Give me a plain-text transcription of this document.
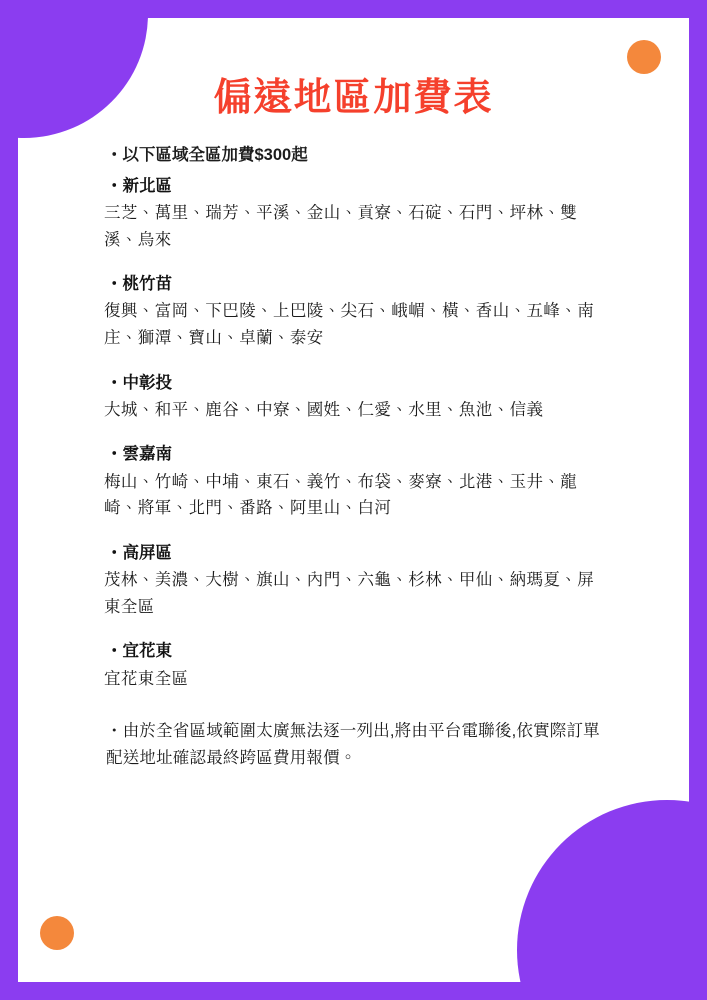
偏遠地區加費表
・以下區域全區加費$300起
・新北區
三芝、萬里、瑞芳、平溪、金山、貢寮、石碇、石門、坪林、雙溪、烏來
・桃竹苗
復興、富岡、下巴陵、上巴陵、尖石、峨嵋、橫、香山、五峰、南庄、獅潭、寶山、卓蘭、泰安
・中彰投
大城、和平、鹿谷、中寮、國姓、仁愛、水里、魚池、信義
・雲嘉南
梅山、竹崎、中埔、東石、義竹、布袋、麥寮、北港、玉井、龍崎、將軍、北門、番路、阿里山、白河
・高屏區
茂林、美濃、大樹、旗山、內門、六龜、杉林、甲仙、納瑪夏、屏東全區
・宜花東
宜花東全區
・由於全省區域範圍太廣無法逐一列出,將由平台電聯後,依實際訂單配送地址確認最終跨區費用報價。
